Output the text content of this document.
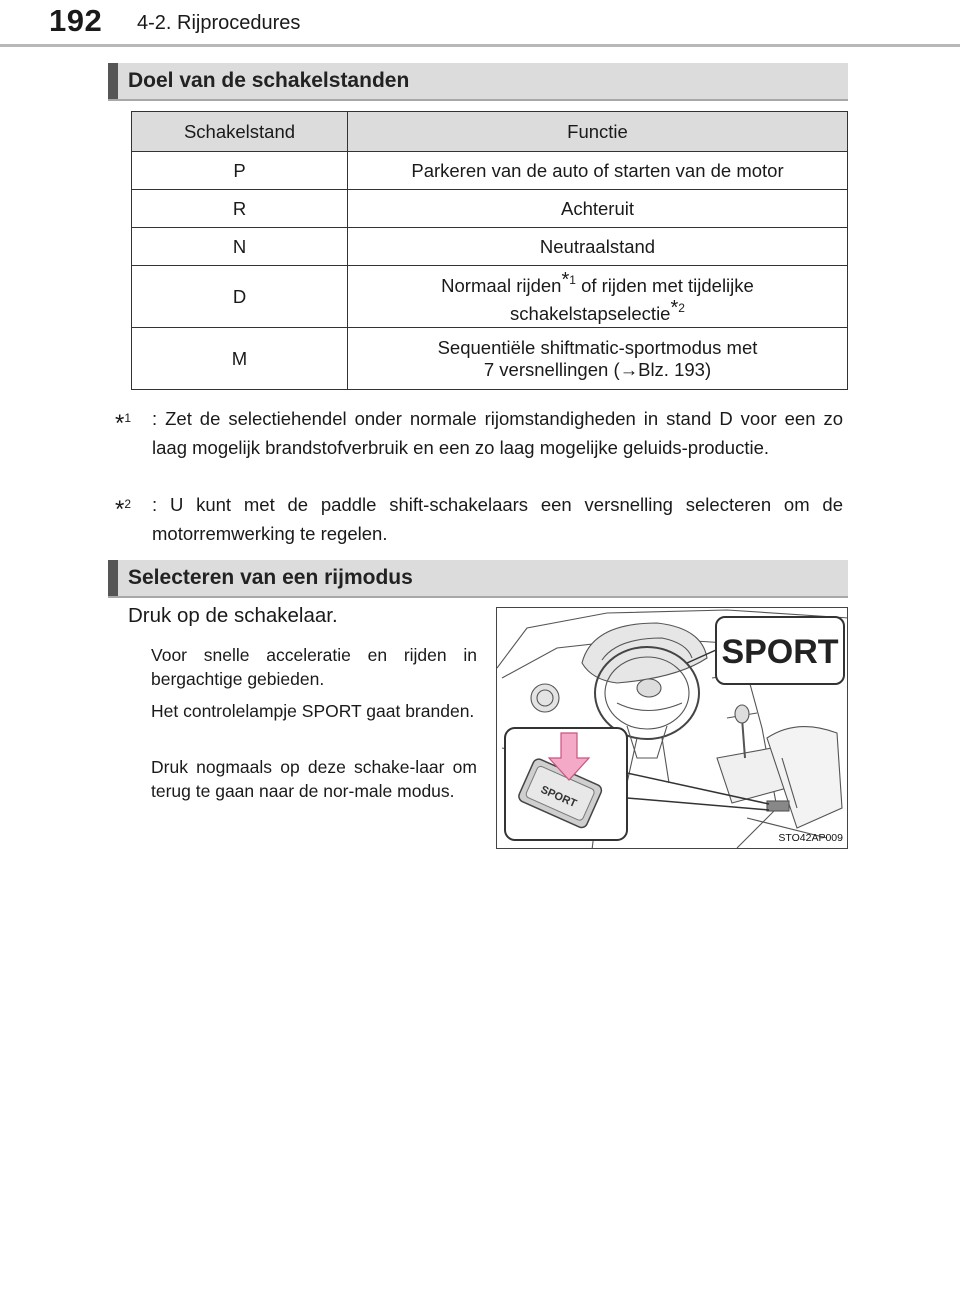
192 4-2. Rijprocedures
Doel van de schakelstanden
Schakelstand	Functie
P	Parkeren van de auto of starten van de motor
R	Achteruit
N	Neutraalstand
D	Normaal rijden*$^1$ of rijden met tijdelijke
schakelstapselectie*$^2$
M	Sequentiële shiftmatic-sportmodus met
7 versnellingen (→Blz. 193)
*$^1$ : Zet de selectiehendel onder normale rijomstandigheden in stand D voor een zo laag mogelijk brandstofverbruik en een zo laag mogelijke geluids-productie.
*$^2$ : U kunt met de paddle shift-schakelaars een versnelling selecteren om de motorremwerking te regelen.
Selecteren van een rijmodus
Druk op de schakelaar.
Voor snelle acceleratie en rijden in bergachtige gebieden.
Het controlelampje SPORT gaat branden.
Druk nogmaals op deze schake-laar om terug te gaan naar de nor-male modus.
SPORT
SPORT
STO42AP009
